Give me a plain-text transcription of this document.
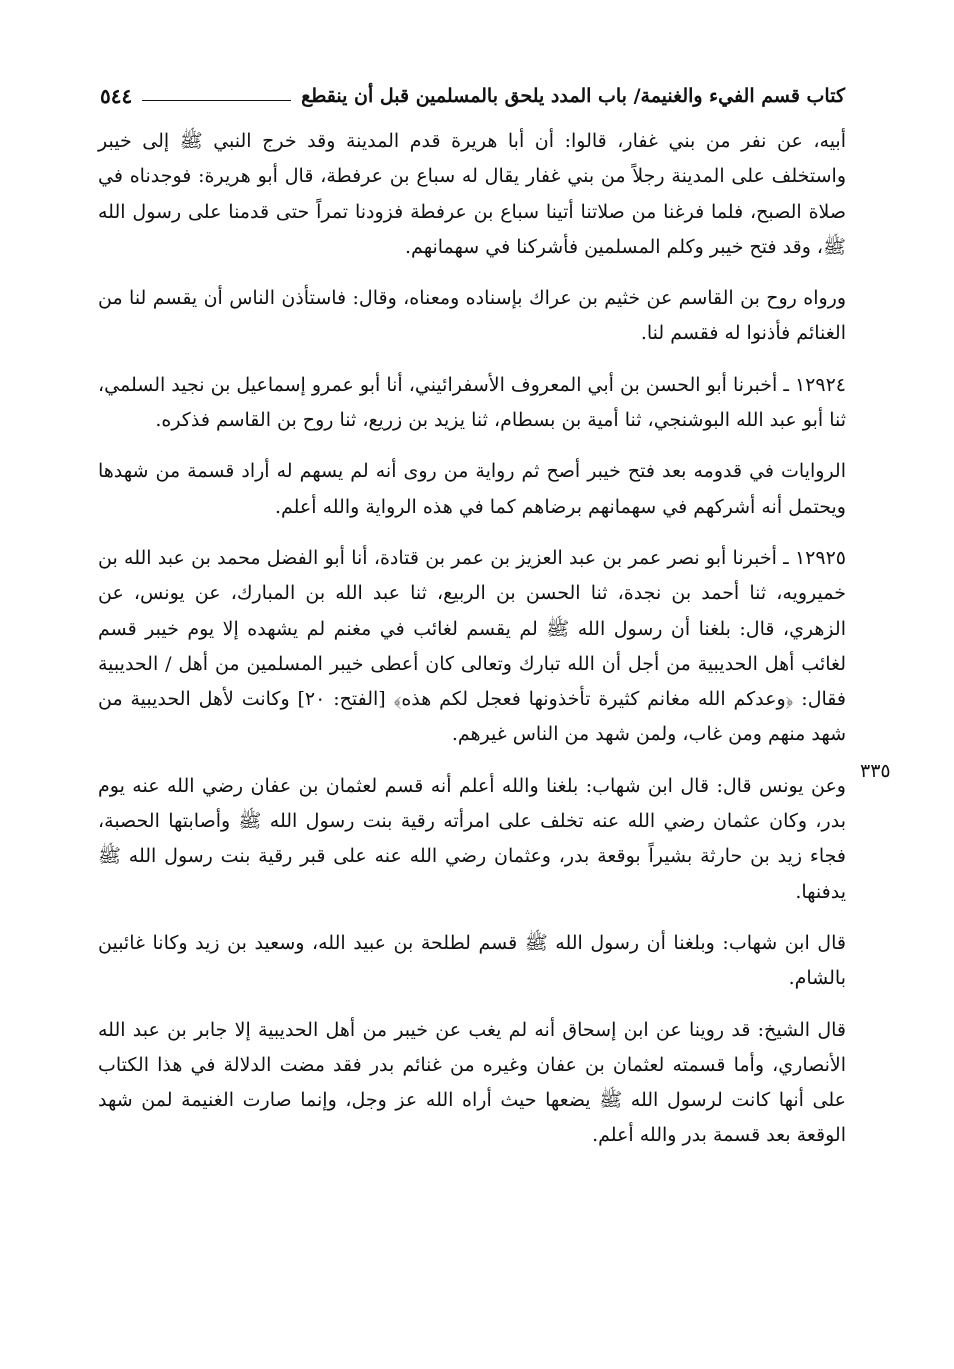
كتاب قسم الفيء والغنيمة/ باب المدد يلحق بالمسلمين قبل أن ينقطع
٥٤٤
٣٣٥

أبيه، عن نفر من بني غفار، قالوا: أن أبا هريرة قدم المدينة وقد خرج النبي ﷺ إلى خيبر واستخلف على المدينة رجلاً من بني غفار يقال له سباع بن عرفطة، قال أبو هريرة: فوجدناه في صلاة الصبح، فلما فرغنا من صلاتنا أتينا سباع بن عرفطة فزودنا تمراً حتى قدمنا على رسول الله ﷺ، وقد فتح خيبر وكلم المسلمين فأشركنا في سهمانهم.

ورواه روح بن القاسم عن خثيم بن عراك بإسناده ومعناه، وقال: فاستأذن الناس أن يقسم لنا من الغنائم فأذنوا له فقسم لنا.

١٢٩٢٤ ـ أخبرنا أبو الحسن بن أبي المعروف الأسفرائيني، أنا أبو عمرو إسماعيل بن نجيد السلمي، ثنا أبو عبد الله البوشنجي، ثنا أمية بن بسطام، ثنا يزيد بن زريع، ثنا روح بن القاسم فذكره.

الروايات في قدومه بعد فتح خيبر أصح ثم رواية من روى أنه لم يسهم له أراد قسمة من شهدها ويحتمل أنه أشركهم في سهمانهم برضاهم كما في هذه الرواية والله أعلم.

١٢٩٢٥ ـ أخبرنا أبو نصر عمر بن عبد العزيز بن عمر بن قتادة، أنا أبو الفضل محمد بن عبد الله بن خميرويه، ثنا أحمد بن نجدة، ثنا الحسن بن الربيع، ثنا عبد الله بن المبارك، عن يونس، عن الزهري، قال: بلغنا أن رسول الله ﷺ لم يقسم لغائب في مغنم لم يشهده إلا يوم خيبر قسم لغائب أهل الحديبية من أجل أن الله تبارك وتعالى كان أعطى خيبر المسلمين من أهل / الحديبية فقال: ﴿وعدكم الله مغانم كثيرة تأخذونها فعجل لكم هذه﴾ [الفتح: ٢٠] وكانت لأهل الحديبية من شهد منهم ومن غاب، ولمن شهد من الناس غيرهم.

وعن يونس قال: قال ابن شهاب: بلغنا والله أعلم أنه قسم لعثمان بن عفان رضي الله عنه يوم بدر، وكان عثمان رضي الله عنه تخلف على امرأته رقية بنت رسول الله ﷺ وأصابتها الحصبة، فجاء زيد بن حارثة بشيراً بوقعة بدر، وعثمان رضي الله عنه على قبر رقية بنت رسول الله ﷺ يدفنها.

قال ابن شهاب: وبلغنا أن رسول الله ﷺ قسم لطلحة بن عبيد الله، وسعيد بن زيد وكانا غائبين بالشام.

قال الشيخ: قد روينا عن ابن إسحاق أنه لم يغب عن خيبر من أهل الحديبية إلا جابر بن عبد الله الأنصاري، وأما قسمته لعثمان بن عفان وغيره من غنائم بدر فقد مضت الدلالة في هذا الكتاب على أنها كانت لرسول الله ﷺ يضعها حيث أراه الله عز وجل، وإنما صارت الغنيمة لمن شهد الوقعة بعد قسمة بدر والله أعلم.
